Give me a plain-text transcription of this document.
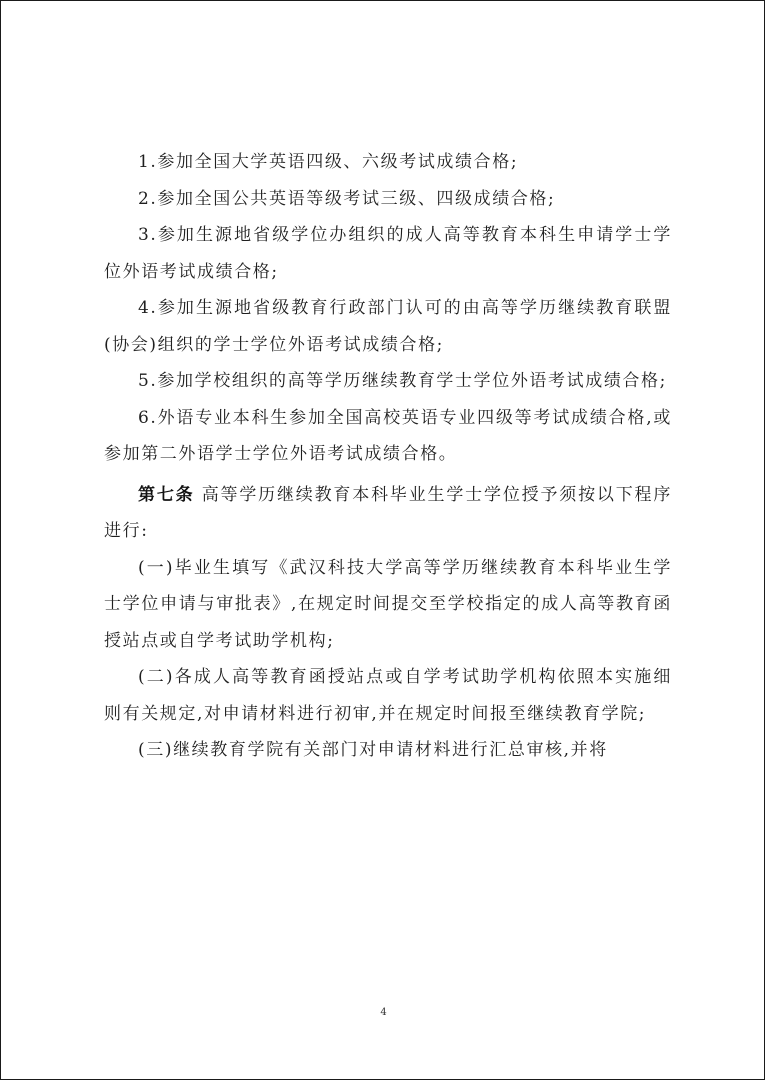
1.参加全国大学英语四级、六级考试成绩合格;

2.参加全国公共英语等级考试三级、四级成绩合格;

3.参加生源地省级学位办组织的成人高等教育本科生申请学士学位外语考试成绩合格;

4.参加生源地省级教育行政部门认可的由高等学历继续教育联盟(协会)组织的学士学位外语考试成绩合格;

5.参加学校组织的高等学历继续教育学士学位外语考试成绩合格;

6.外语专业本科生参加全国高校英语专业四级等考试成绩合格,或参加第二外语学士学位外语考试成绩合格。

第七条 高等学历继续教育本科毕业生学士学位授予须按以下程序进行:

(一)毕业生填写《武汉科技大学高等学历继续教育本科毕业生学士学位申请与审批表》,在规定时间提交至学校指定的成人高等教育函授站点或自学考试助学机构;

(二)各成人高等教育函授站点或自学考试助学机构依照本实施细则有关规定,对申请材料进行初审,并在规定时间报至继续教育学院;

(三)继续教育学院有关部门对申请材料进行汇总审核,并将

4
